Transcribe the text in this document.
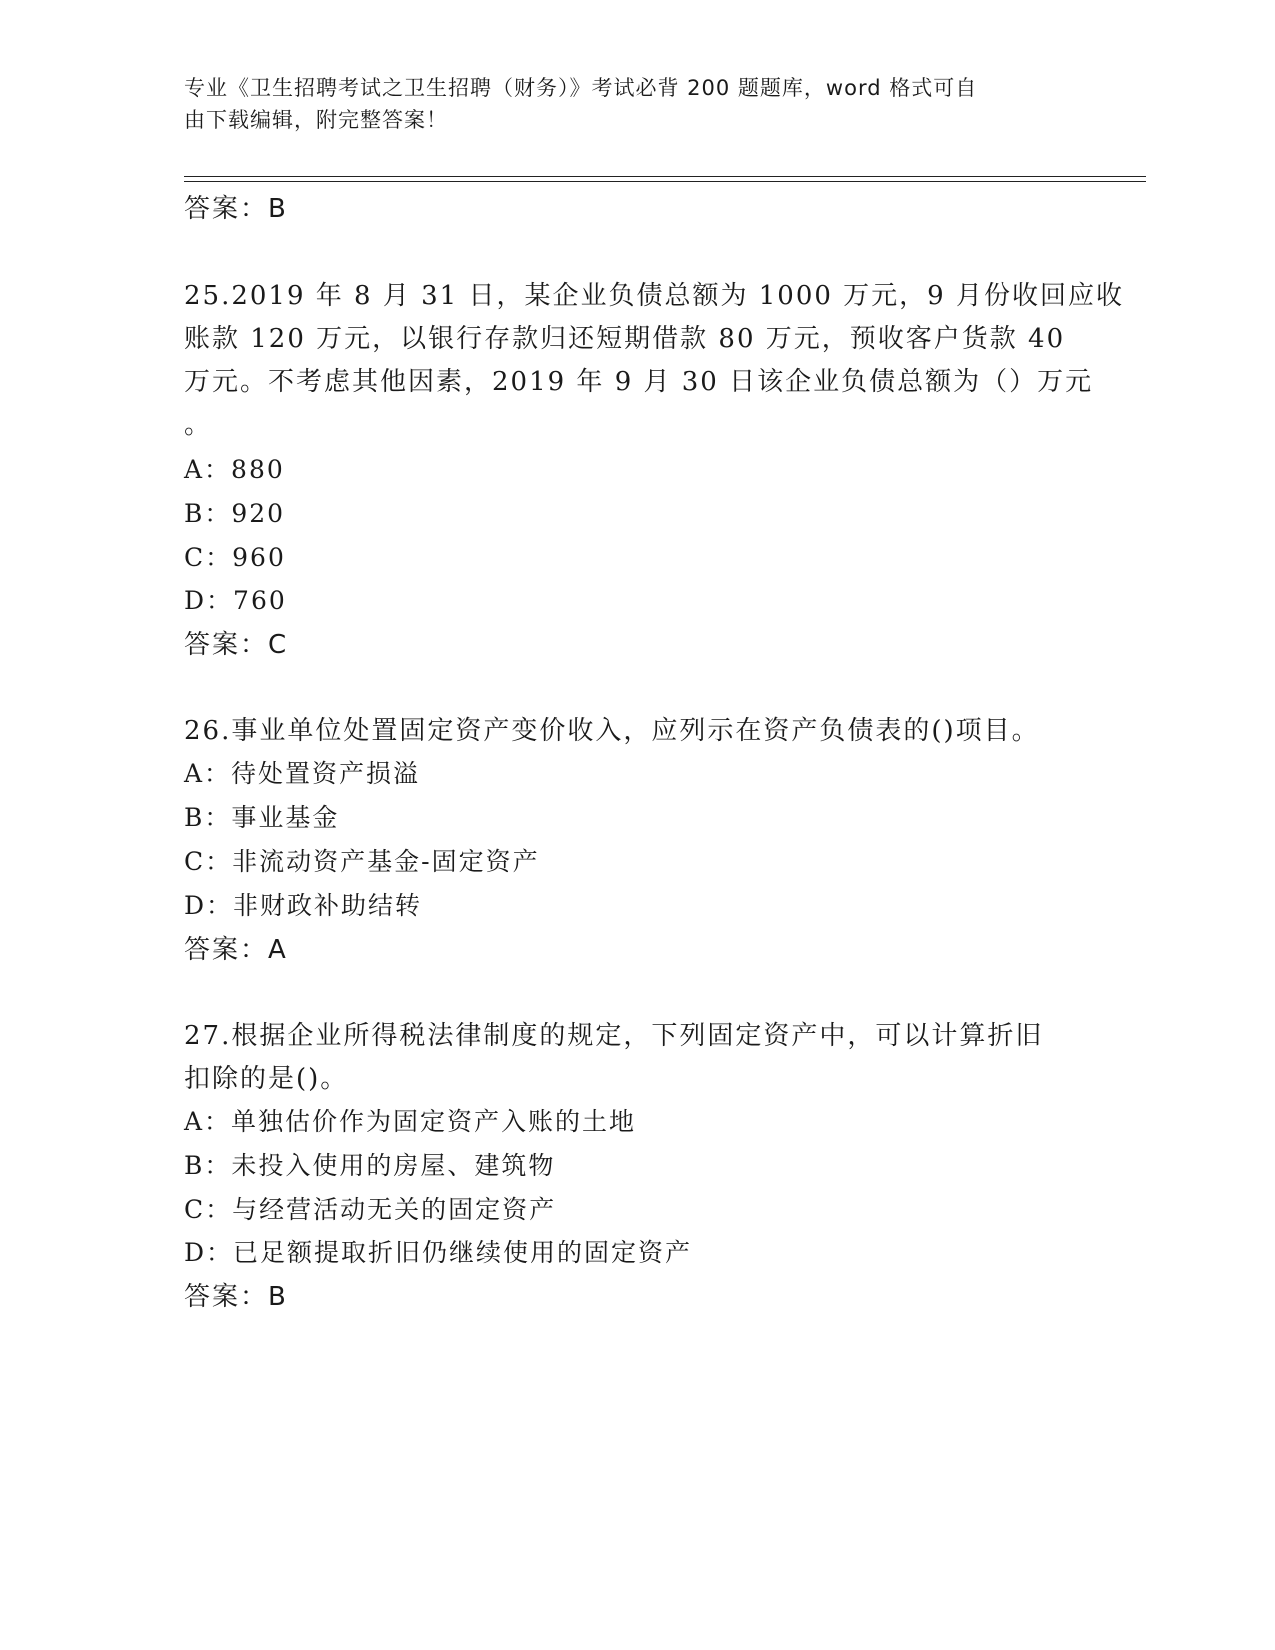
专业《卫生招聘考试之卫生招聘（财务）》考试必背 200 题题库，word 格式可自
由下载编辑，附完整答案！
答案：B
25.2019 年 8 月 31 日，某企业负债总额为 1000 万元，9 月份收回应收
账款 120 万元，以银行存款归还短期借款 80 万元，预收客户货款 40
万元。不考虑其他因素，2019 年 9 月 30 日该企业负债总额为（）万元
。
A：880
B：920
C：960
D：760
答案：C
26.事业单位处置固定资产变价收入，应列示在资产负债表的()项目。
A：待处置资产损溢
B：事业基金
C：非流动资产基金-固定资产
D：非财政补助结转
答案：A
27.根据企业所得税法律制度的规定，下列固定资产中，可以计算折旧
扣除的是()。
A：单独估价作为固定资产入账的土地
B：未投入使用的房屋、建筑物
C：与经营活动无关的固定资产
D：已足额提取折旧仍继续使用的固定资产
答案：B
